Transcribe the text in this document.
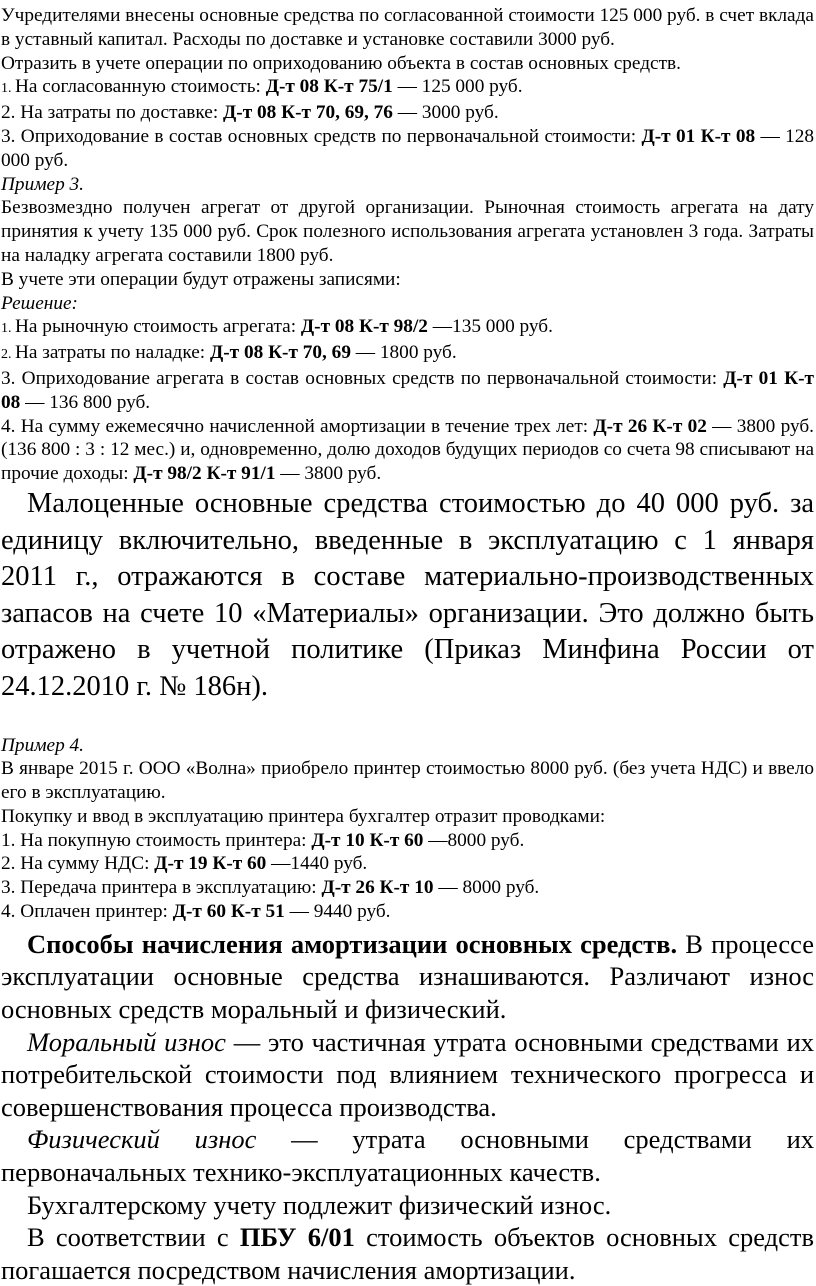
Учредителями внесены основные средства по согласованной стоимости 125 000 руб. в счет вклада в уставный капитал. Расходы по доставке и установке составили 3000 руб.

Отразить в учете операции по оприходованию объекта в состав основных средств.

1. На согласованную стоимость: Д-т 08 К-т 75/1 — 125 000 руб.

2. На затраты по доставке: Д-т 08 К-т 70, 69, 76 — 3000 руб.

3. Оприходование в состав основных средств по первоначальной стоимости: Д-т 01 К-т 08 — 128 000 руб.

Пример 3.

Безвозмездно получен агрегат от другой организации. Рыночная стоимость агрегата на дату принятия к учету 135 000 руб. Срок полезного использования агрегата установлен 3 года. Затраты на наладку агрегата составили 1800 руб.

В учете эти операции будут отражены записями:

Решение:

1. На рыночную стоимость агрегата: Д-т 08 К-т 98/2 —135 000 руб.

2. На затраты по наладке: Д-т 08 К-т 70, 69 — 1800 руб.

3. Оприходование агрегата в состав основных средств по первоначальной стоимости: Д-т 01 К-т 08 — 136 800 руб.

4. На сумму ежемесячно начисленной амортизации в течение трех лет: Д-т 26 К-т 02 — 3800 руб. (136 800 : 3 : 12 мес.) и, одновременно, долю доходов будущих периодов со счета 98 списывают на прочие доходы: Д-т 98/2 К-т 91/1 — 3800 руб.

Малоценные основные средства стоимостью до 40 000 руб. за единицу включительно, введенные в эксплуатацию с 1 января 2011 г., отражаются в составе материально-производственных запасов на счете 10 «Материалы» организации. Это должно быть отражено в учетной политике (Приказ Минфина России от 24.12.2010 г. № 186н).

Пример 4.

В январе 2015 г. ООО «Волна» приобрело принтер стоимостью 8000 руб. (без учета НДС) и ввело его в эксплуатацию.

Покупку и ввод в эксплуатацию принтера бухгалтер отразит проводками:

1. На покупную стоимость принтера: Д-т 10 К-т 60 —8000 руб.

2. На сумму НДС: Д-т 19 К-т 60 —1440 руб.

3. Передача принтера в эксплуатацию: Д-т 26 К-т 10 — 8000 руб.

4. Оплачен принтер: Д-т 60 К-т 51 — 9440 руб.

Способы начисления амортизации основных средств. В процессе эксплуатации основные средства изнашиваются. Различают износ основных средств моральный и физический.

Моральный износ — это частичная утрата основными средствами их потребительской стоимости под влиянием технического прогресса и совершенствования процесса производства.

Физический износ — утрата основными средствами их первоначальных технико-эксплуатационных качеств.

Бухгалтерскому учету подлежит физический износ.

В соответствии с ПБУ 6/01 стоимость объектов основных средств погашается посредством начисления амортизации.
